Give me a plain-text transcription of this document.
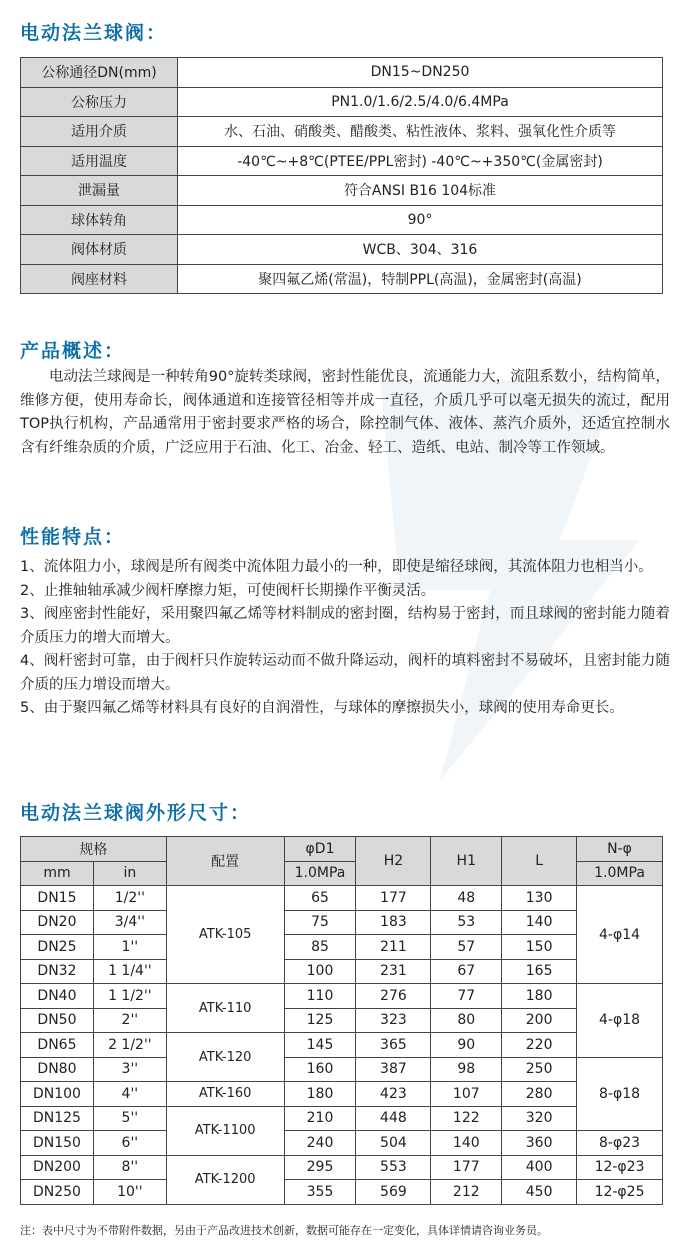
电动法兰球阀：
公称通径DN(mm)	DN15~DN250
公称压力	PN1.0/1.6/2.5/4.0/6.4MPa
适用介质	水、石油、硝酸类、醋酸类、粘性液体、浆料、强氧化性介质等
适用温度	-40℃~+8℃(PTEE/PPL密封) -40℃~+350℃(金属密封)
泄漏量	符合ANSI B16 104标准
球体转角	90°
阀体材质	WCB、304、316
阀座材料	聚四氟乙烯(常温)，特制PPL(高温)，金属密封(高温)
产品概述：
电动法兰球阀是一种转角90°旋转类球阀，密封性能优良，流通能力大，流阻系数小，结构简单，维修方便，使用寿命长，阀体通道和连接管径相等并成一直径，介质几乎可以毫无损失的流过，配用TOP执行机构，产品通常用于密封要求严格的场合，除控制气体、液体、蒸汽介质外，还适宜控制水含有纤维杂质的介质，广泛应用于石油、化工、冶金、轻工、造纸、电站、制冷等工作领域。
性能特点：
1、流体阻力小，球阀是所有阀类中流体阻力最小的一种，即使是缩径球阀，其流体阻力也相当小。
2、止推轴轴承减少阀杆摩擦力矩，可使阀杆长期操作平衡灵活。
3、阀座密封性能好，采用聚四氟乙烯等材料制成的密封圈，结构易于密封，而且球阀的密封能力随着介质压力的增大而增大。
4、阀杆密封可靠，由于阀杆只作旋转运动而不做升降运动，阀杆的填料密封不易破坏，且密封能力随介质的压力增设而增大。
5、由于聚四氟乙烯等材料具有良好的自润滑性，与球体的摩擦损失小，球阀的使用寿命更长。
电动法兰球阀外形尺寸：
规格		配置	φD1	H2	H1	L	N-φ
mm	in		1.0MPa				1.0MPa
DN15	1/2''	ATK-105	65	177	48	130	4-φ14
DN20	3/4''		75	183	53	140	
DN25	1''		85	211	57	150	
DN32	1 1/4''		100	231	67	165	
DN40	1 1/2''	ATK-110	110	276	77	180	4-φ18
DN50	2''		125	323	80	200	
DN65	2 1/2''	ATK-120	145	365	90	220	
DN80	3''		160	387	98	250	8-φ18
DN100	4''	ATK-160	180	423	107	280	
DN125	5''	ATK-1100	210	448	122	320	
DN150	6''		240	504	140	360	8-φ23
DN200	8''	ATK-1200	295	553	177	400	12-φ23
DN250	10''		355	569	212	450	12-φ25
注：表中尺寸为不带附件数据，另由于产品改进技术创新，数据可能存在一定变化，具体详情请咨询业务员。
